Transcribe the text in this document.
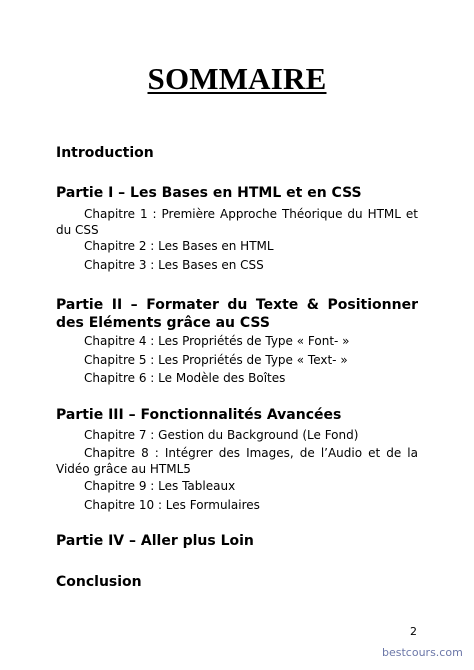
SOMMAIRE
Introduction
Partie I – Les Bases en HTML et en CSS
Chapitre 1 : Première Approche Théorique du HTML et du CSS
Chapitre 2 : Les Bases en HTML
Chapitre 3 : Les Bases en CSS
Partie II – Formater du Texte & Positionner des Eléments grâce au CSS
Chapitre 4 : Les Propriétés de Type « Font- »
Chapitre 5 : Les Propriétés de Type « Text- »
Chapitre 6 : Le Modèle des Boîtes
Partie III – Fonctionnalités Avancées
Chapitre 7 : Gestion du Background (Le Fond)
Chapitre 8 : Intégrer des Images, de l’Audio et de la Vidéo grâce au HTML5
Chapitre 9 : Les Tableaux
Chapitre 10 : Les Formulaires
Partie IV – Aller plus Loin
Conclusion
2
bestcours.com
